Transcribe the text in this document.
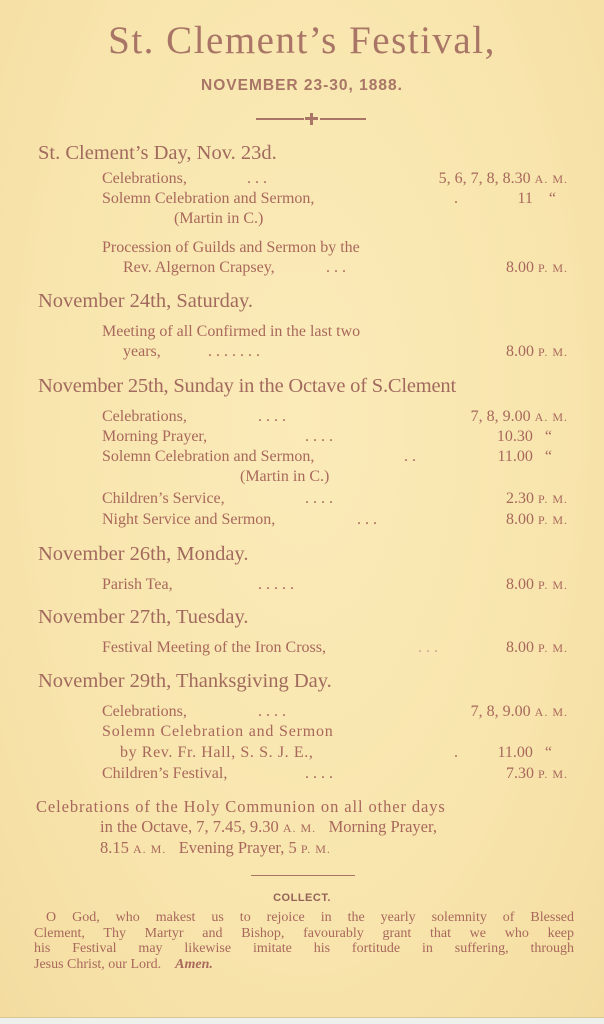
St. Clement’s Festival,
NOVEMBER 23-30, 1888.
St. Clement’s Day, Nov. 23d.
Celebrations,	. . .	5, 6, 7, 8, 8.30 A. M.
Solemn Celebration and Sermon,	.	11 “
(Martin in C.)
Procession of Guilds and Sermon by the
Rev. Algernon Crapsey,	. . .	8.00 P. M.
November 24th, Saturday.
Meeting of all Confirmed in the last two
years,	. . . . . . .	8.00 P. M.
November 25th, Sunday in the Octave of S.Clement
Celebrations,	. . . .	7, 8, 9.00 A. M.
Morning Prayer,	. . . .	10.30 “
Solemn Celebration and Sermon,	. .	11.00 “
(Martin in C.)
Children’s Service,	. . . .	2.30 P. M.
Night Service and Sermon,	. . .	8.00 P. M.
November 26th, Monday.
Parish Tea,	. . . . .	8.00 P. M.
November 27th, Tuesday.
Festival Meeting of the Iron Cross,	. . .	8.00 P. M.
November 29th, Thanksgiving Day.
Celebrations,	. . . .	7, 8, 9.00 A. M.
Solemn Celebration and Sermon
by Rev. Fr. Hall, S. S. J. E.,	. 11.00 “
Children’s Festival,	. . . .	7.30 P. M.
Celebrations of the Holy Communion on all other days
in the Octave, 7, 7.45, 9.30 A. M. Morning Prayer,
8.15 A. M. Evening Prayer, 5 P. M.
COLLECT.
O God, who makest us to rejoice in the yearly solemnity of Blessed
Clement, Thy Martyr and Bishop, favourably grant that we who keep
his Festival may likewise imitate his fortitude in suffering, through
Jesus Christ, our Lord. Amen.
